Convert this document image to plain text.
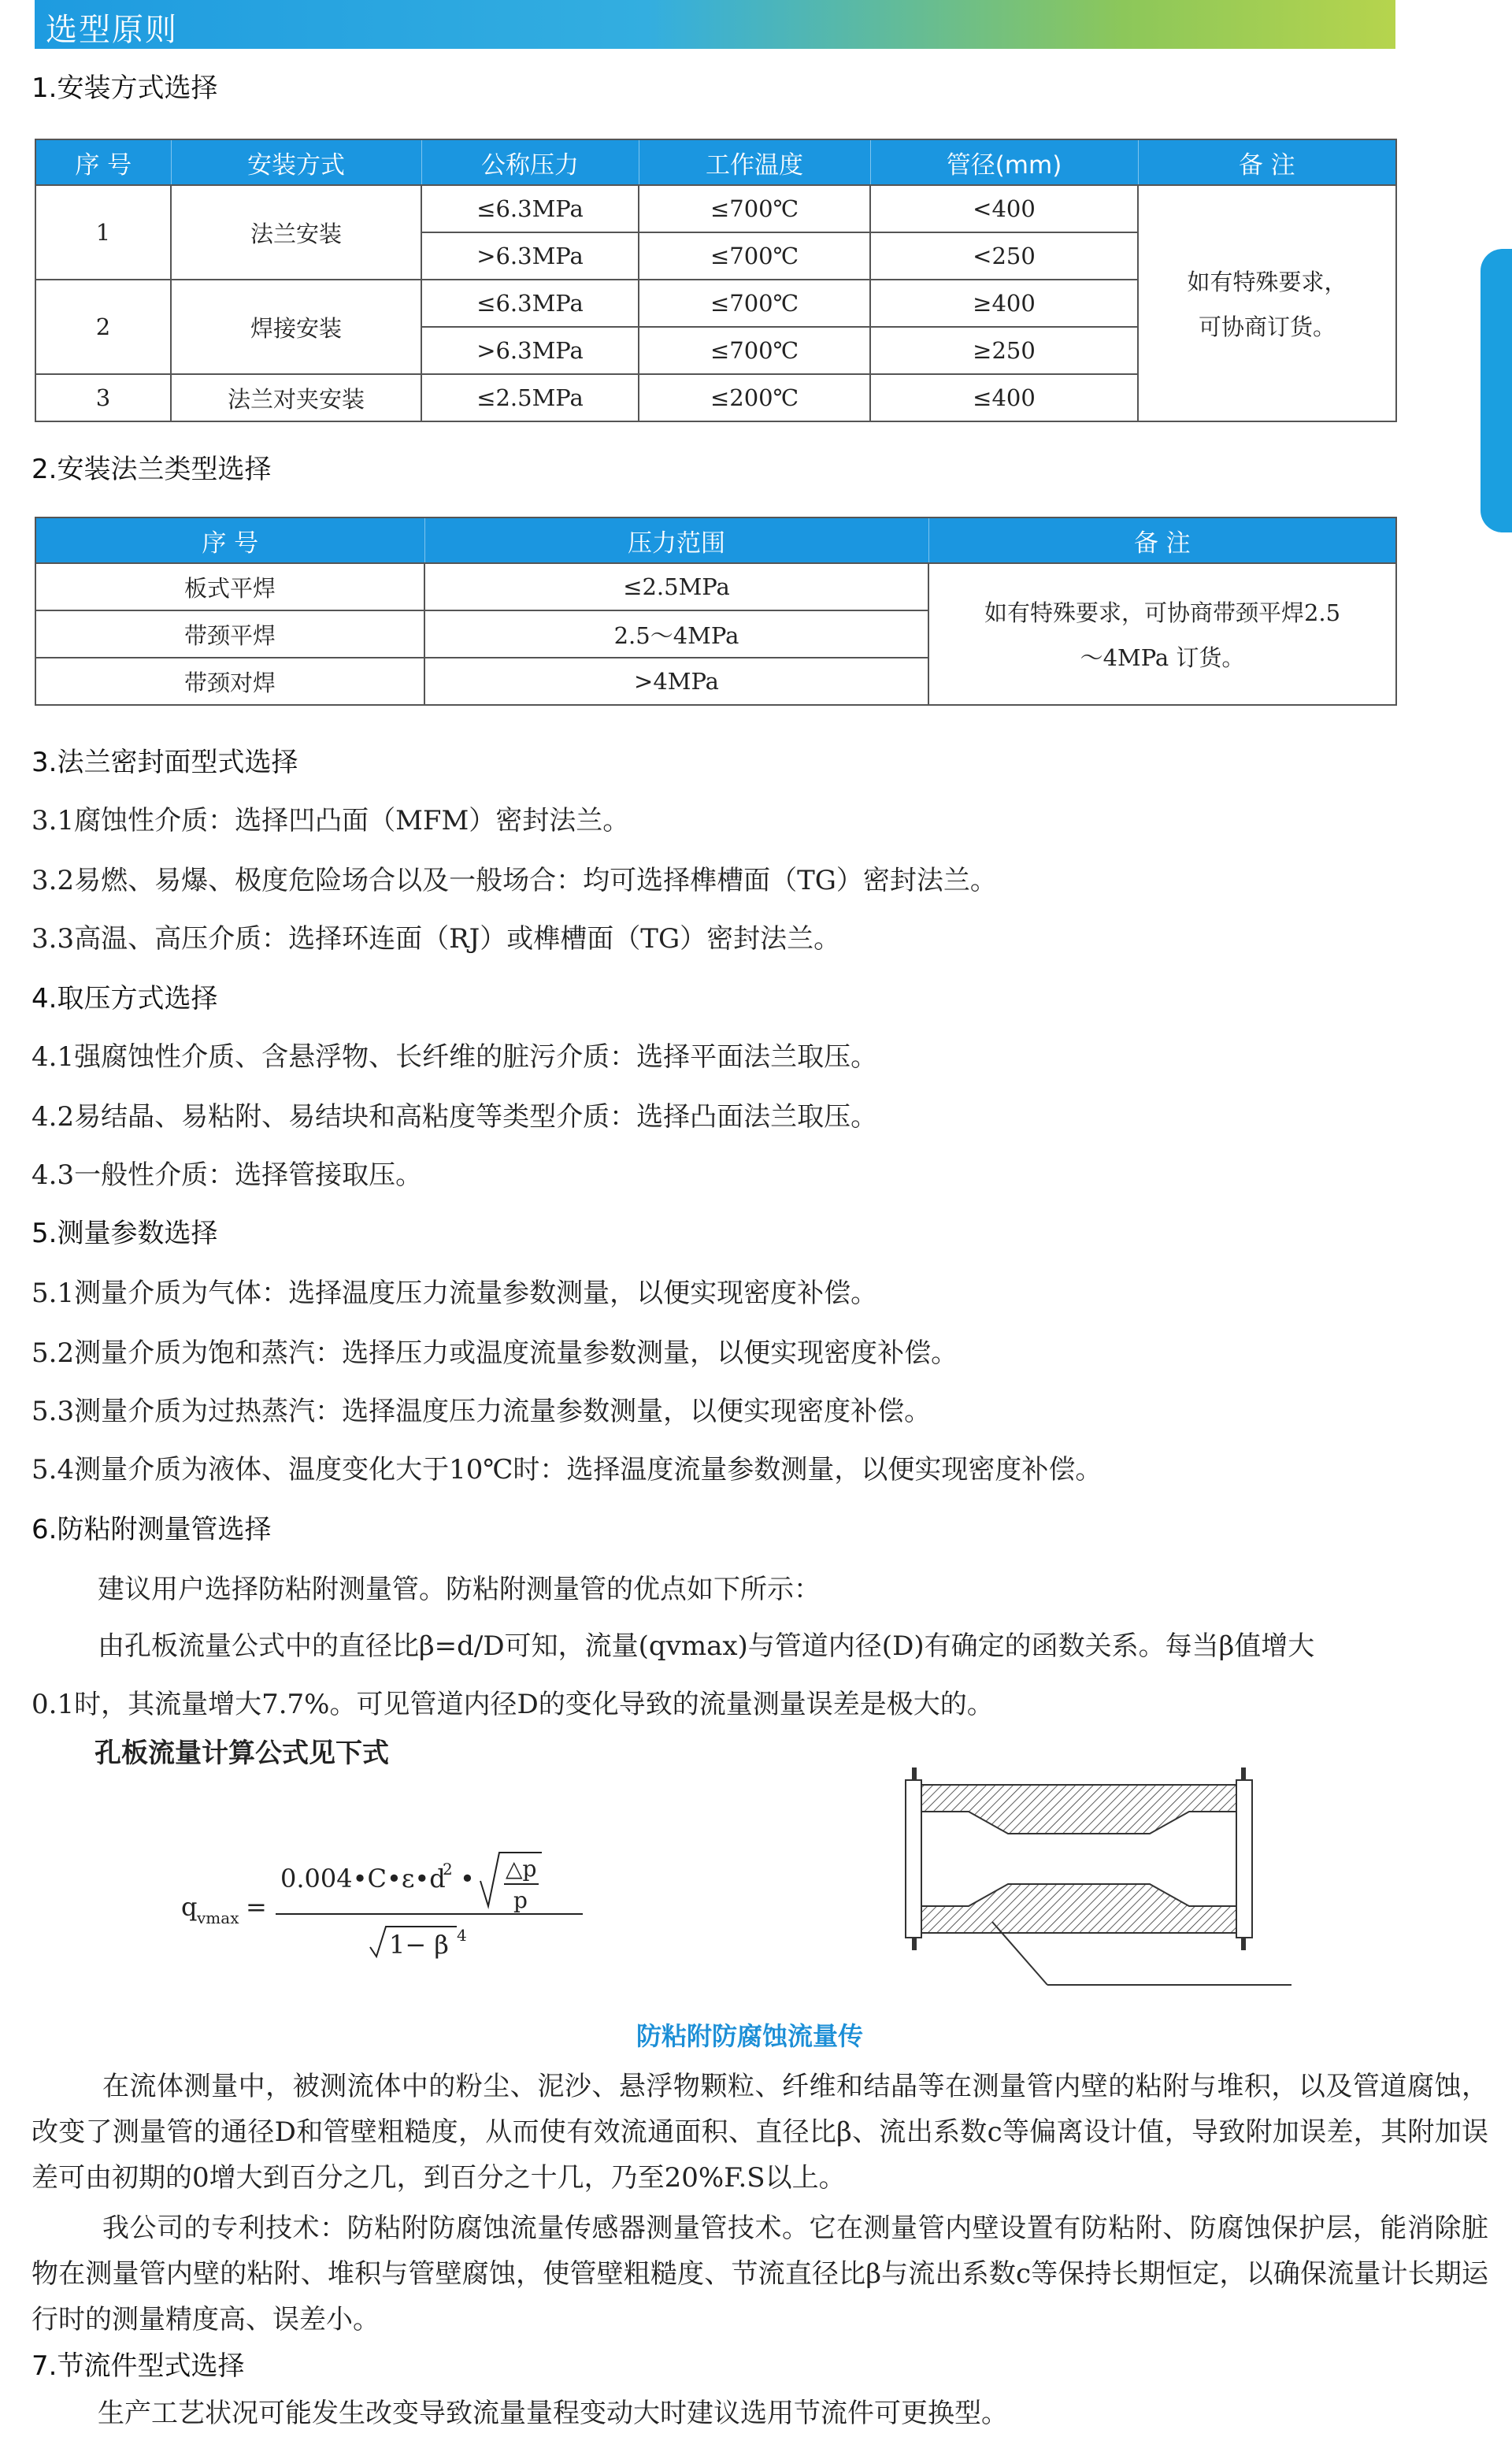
选型原则
1.安装方式选择
序 号	安装方式	公称压力	工作温度	管径(mm)	备 注
1	法兰安装	≤6.3MPa	≤700℃	<400	如有特殊要求，
可协商订货。

		>6.3MPa	≤700℃	<250	
2	焊接安装	≤6.3MPa	≤700℃	≥400	
		>6.3MPa	≤700℃	≥250	
3	法兰对夹安装	≤2.5MPa	≤200℃	≤400	
2.安装法兰类型选择
序 号	压力范围	备 注
板式平焊	≤2.5MPa	如有特殊要求，可协商带颈平焊2.5
～4MPa 订货。

带颈平焊	2.5～4MPa	
带颈对焊	>4MPa	
3.法兰密封面型式选择
3.1腐蚀性介质：选择凹凸面（MFM）密封法兰。
3.2易燃、易爆、极度危险场合以及一般场合：均可选择榫槽面（TG）密封法兰。
3.3高温、高压介质：选择环连面（RJ）或榫槽面（TG）密封法兰。
4.取压方式选择
4.1强腐蚀性介质、含悬浮物、长纤维的脏污介质：选择平面法兰取压。
4.2易结晶、易粘附、易结块和高粘度等类型介质：选择凸面法兰取压。
4.3一般性介质：选择管接取压。
5.测量参数选择
5.1测量介质为气体：选择温度压力流量参数测量，以便实现密度补偿。
5.2测量介质为饱和蒸汽：选择压力或温度流量参数测量，以便实现密度补偿。
5.3测量介质为过热蒸汽：选择温度压力流量参数测量，以便实现密度补偿。
5.4测量介质为液体、温度变化大于10℃时：选择温度流量参数测量，以便实现密度补偿。
6.防粘附测量管选择
建议用户选择防粘附测量管。防粘附测量管的优点如下所示：
由孔板流量公式中的直径比β=d/D可知，流量(qvmax)与管道内径(D)有确定的函数关系。每当β值增大
0.1时，其流量增大7.7%。可见管道内径D的变化导致的流量测量误差是极大的。
孔板流量计算公式见下式
q vmax =
0.004•C•ε•d
2 • △p
p
1− β 4
防粘附防腐蚀流量传
在流体测量中，被测流体中的粉尘、泥沙、悬浮物颗粒、纤维和结晶等在测量管内壁的粘附与堆积，以及管道腐蚀，改变了测量管的通径D和管壁粗糙度，从而使有效流通面积、直径比β、流出系数c等偏离设计值，导致附加误差，其附加误差可由初期的0增大到百分之几，到百分之十几，乃至20%F.S以上。
我公司的专利技术：防粘附防腐蚀流量传感器测量管技术。它在测量管内壁设置有防粘附、防腐蚀保护层，能消除脏物在测量管内壁的粘附、堆积与管壁腐蚀，使管壁粗糙度、节流直径比β与流出系数c等保持长期恒定，以确保流量计长期运行时的测量精度高、误差小。
7.节流件型式选择
生产工艺状况可能发生改变导致流量量程变动大时建议选用节流件可更换型。
